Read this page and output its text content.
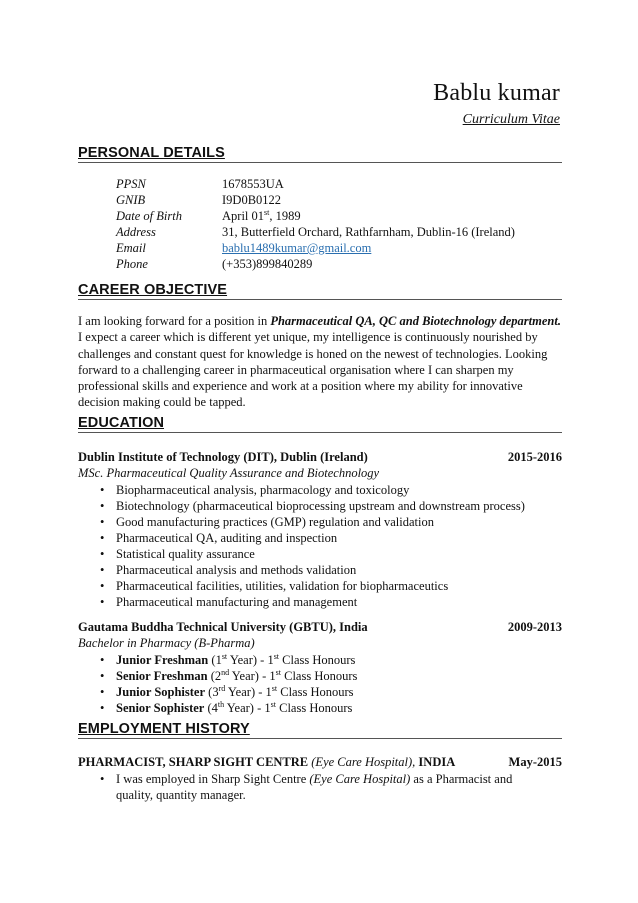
Bablu kumar
Curriculum Vitae
PERSONAL DETAILS
PPSN	1678553UA
GNIB	I9D0B0122
Date of Birth	April 01st, 1989
Address	31, Butterfield Orchard, Rathfarnham, Dublin-16 (Ireland)
Email	bablu1489kumar@gmail.com
Phone	(+353)899840289
CAREER OBJECTIVE
I am looking forward for a position in Pharmaceutical QA, QC and Biotechnology department. I expect a career which is different yet unique, my intelligence is continuously nourished by challenges and constant quest for knowledge is honed on the newest of technologies. Looking forward to a challenging career in pharmaceutical organisation where I can sharpen my professional skills and experience and work at a position where my ability for innovative decision making could be tapped.
EDUCATION
Dublin Institute of Technology (DIT), Dublin (Ireland)	2015-2016
MSc. Pharmaceutical Quality Assurance and Biotechnology
• Biopharmaceutical analysis, pharmacology and toxicology
• Biotechnology (pharmaceutical bioprocessing upstream and downstream process)
• Good manufacturing practices (GMP) regulation and validation
• Pharmaceutical QA, auditing and inspection
• Statistical quality assurance
• Pharmaceutical analysis and methods validation
• Pharmaceutical facilities, utilities, validation for biopharmaceutics
• Pharmaceutical manufacturing and management
Gautama Buddha Technical University (GBTU), India	2009-2013
Bachelor in Pharmacy (B-Pharma)
• Junior Freshman (1st Year) - 1st Class Honours
• Senior Freshman (2nd Year) - 1st Class Honours
• Junior Sophister (3rd Year) - 1st Class Honours
• Senior Sophister (4th Year) - 1st Class Honours
EMPLOYMENT HISTORY
PHARMACIST, SHARP SIGHT CENTRE (Eye Care Hospital), INDIA	May-2015
• I was employed in Sharp Sight Centre (Eye Care Hospital) as a Pharmacist and quality, quantity manager.
